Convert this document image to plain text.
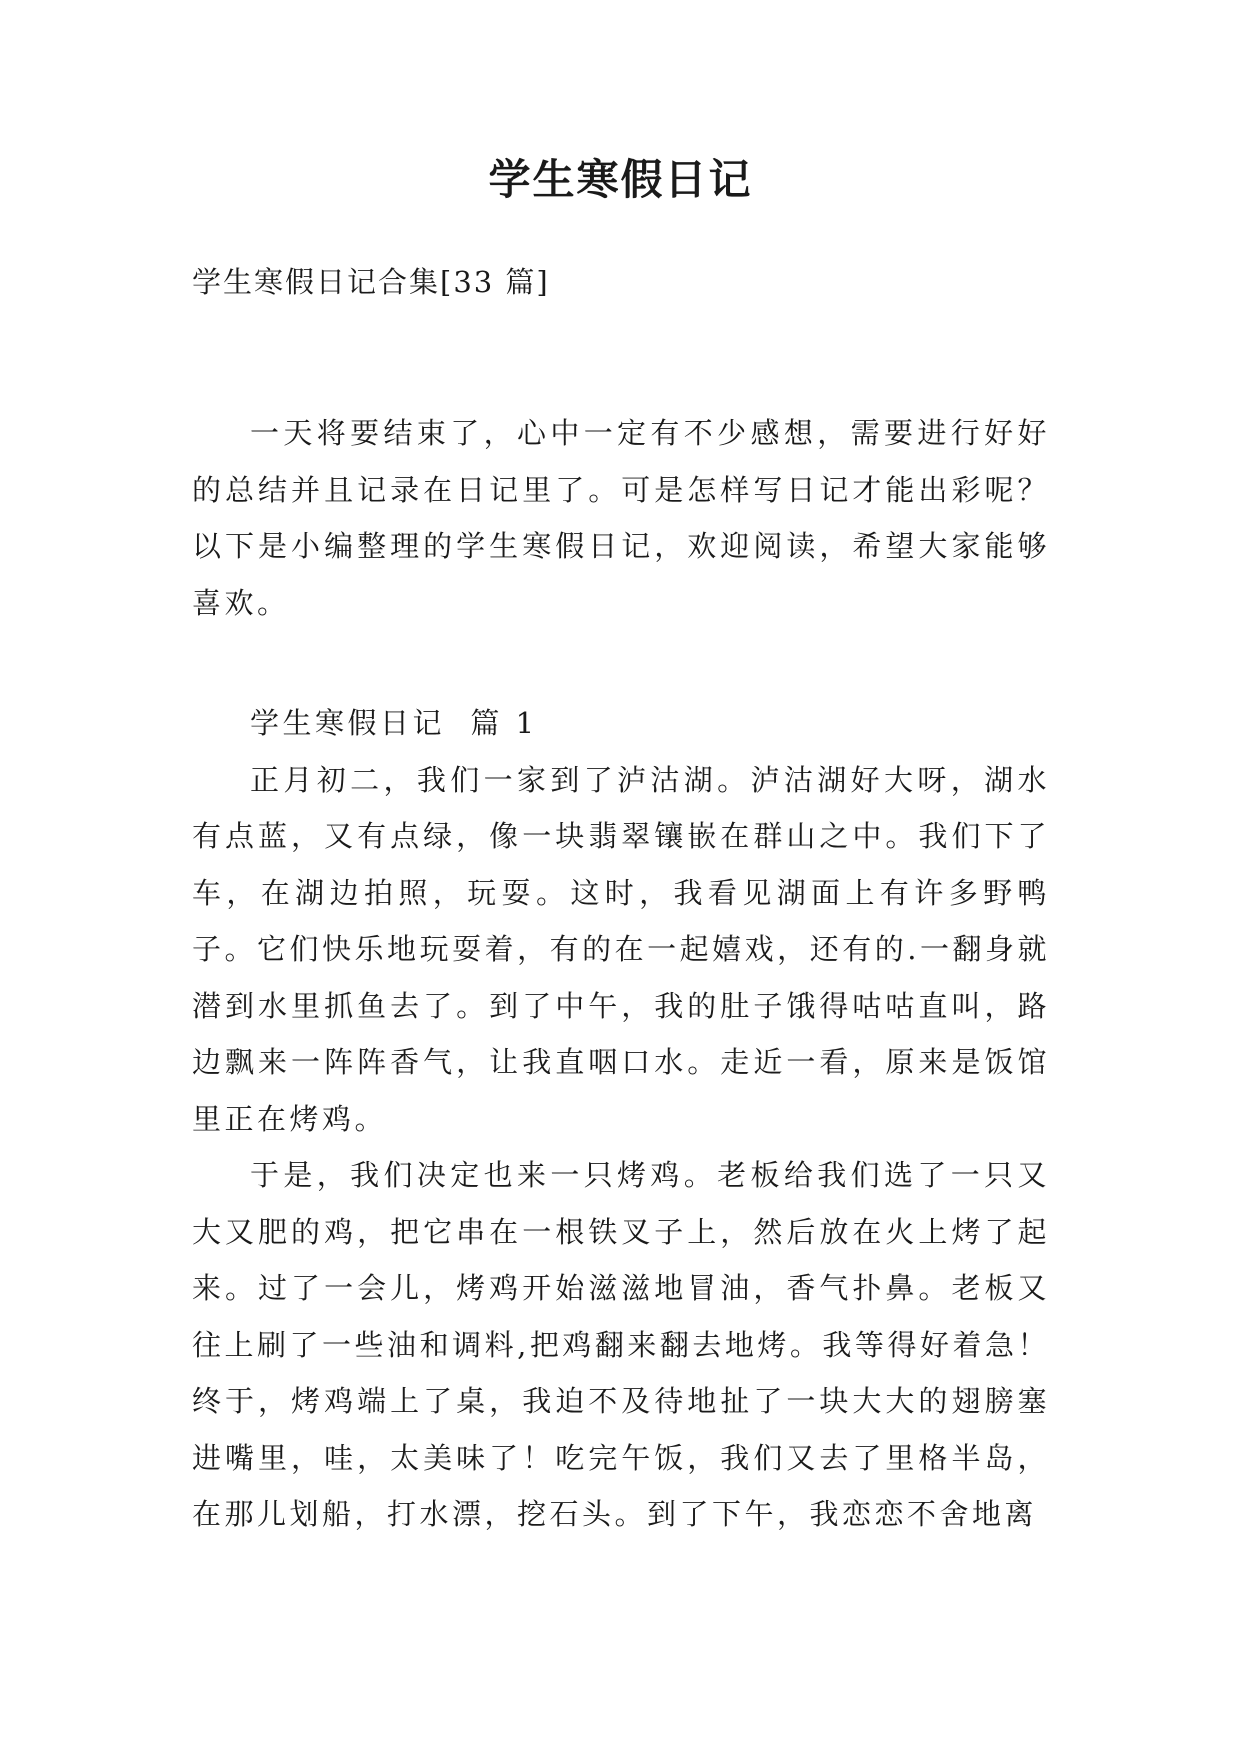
学生寒假日记
学生寒假日记合集[33 篇]

一天将要结束了，心中一定有不少感想，需要进行好好的总结并且记录在日记里了。可是怎样写日记才能出彩呢？以下是小编整理的学生寒假日记，欢迎阅读，希望大家能够喜欢。

学生寒假日记  篇 1

正月初二，我们一家到了泸沽湖。泸沽湖好大呀，湖水有点蓝，又有点绿，像一块翡翠镶嵌在群山之中。我们下了车，在湖边拍照，玩耍。这时，我看见湖面上有许多野鸭子。它们快乐地玩耍着，有的在一起嬉戏，还有的.一翻身就潜到水里抓鱼去了。到了中午，我的肚子饿得咕咕直叫，路边飘来一阵阵香气，让我直咽口水。走近一看，原来是饭馆里正在烤鸡。

于是，我们决定也来一只烤鸡。老板给我们选了一只又大又肥的鸡，把它串在一根铁叉子上，然后放在火上烤了起来。过了一会儿，烤鸡开始滋滋地冒油，香气扑鼻。老板又往上刷了一些油和调料,把鸡翻来翻去地烤。我等得好着急！终于，烤鸡端上了桌，我迫不及待地扯了一块大大的翅膀塞进嘴里，哇，太美味了！吃完午饭，我们又去了里格半岛，在那儿划船，打水漂，挖石头。到了下午，我恋恋不舍地离
